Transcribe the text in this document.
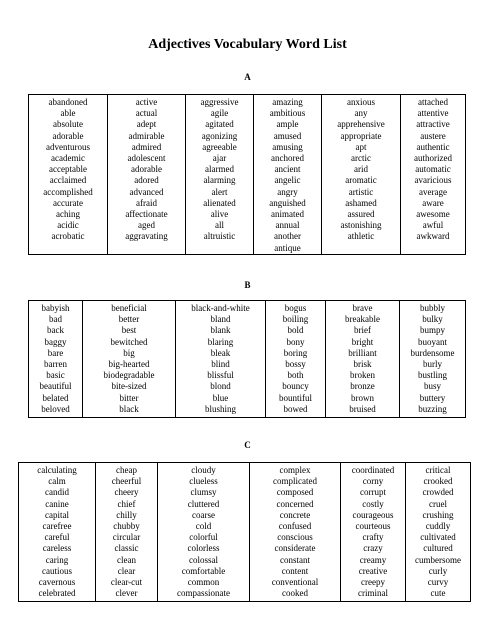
Adjectives Vocabulary Word List
A
abandoned
able
absolute
adorable
adventurous
academic
acceptable
acclaimed
accomplished
accurate
aching
acidic
acrobatic

active
actual
adept
admirable
admired
adolescent
adorable
adored
advanced
afraid
affectionate
aged
aggravating

aggressive
agile
agitated
agonizing
agreeable
ajar
alarmed
alarming
alert
alienated
alive
all
altruistic

amazing
ambitious
ample
amused
amusing
anchored
ancient
angelic
angry
anguished
animated
annual
another
antique

anxious
any
apprehensive
appropriate
apt
arctic
arid
aromatic
artistic
ashamed
assured
astonishing
athletic

attached
attentive
attractive
austere
authentic
authorized
automatic
avaricious
average
aware
awesome
awful
awkward
B
babyish
bad
back
baggy
bare
barren
basic
beautiful
belated
beloved

beneficial
better
best
bewitched
big
big-hearted
biodegradable
bite-sized
bitter
black

black-and-white
bland
blank
blaring
bleak
blind
blissful
blond
blue
blushing

bogus
boiling
bold
bony
boring
bossy
both
bouncy
bountiful
bowed

brave
breakable
brief
bright
brilliant
brisk
broken
bronze
brown
bruised

bubbly
bulky
bumpy
buoyant
burdensome
burly
bustling
busy
buttery
buzzing
C
calculating
calm
candid
canine
capital
carefree
careful
careless
caring
cautious
cavernous
celebrated

cheap
cheerful
cheery
chief
chilly
chubby
circular
classic
clean
clear
clear-cut
clever

cloudy
clueless
clumsy
cluttered
coarse
cold
colorful
colorless
colossal
comfortable
common
compassionate

complex
complicated
composed
concerned
concrete
confused
conscious
considerate
constant
content
conventional
cooked

coordinated
corny
corrupt
costly
courageous
courteous
crafty
crazy
creamy
creative
creepy
criminal

critical
crooked
crowded
cruel
crushing
cuddly
cultivated
cultured
cumbersome
curly
curvy
cute
